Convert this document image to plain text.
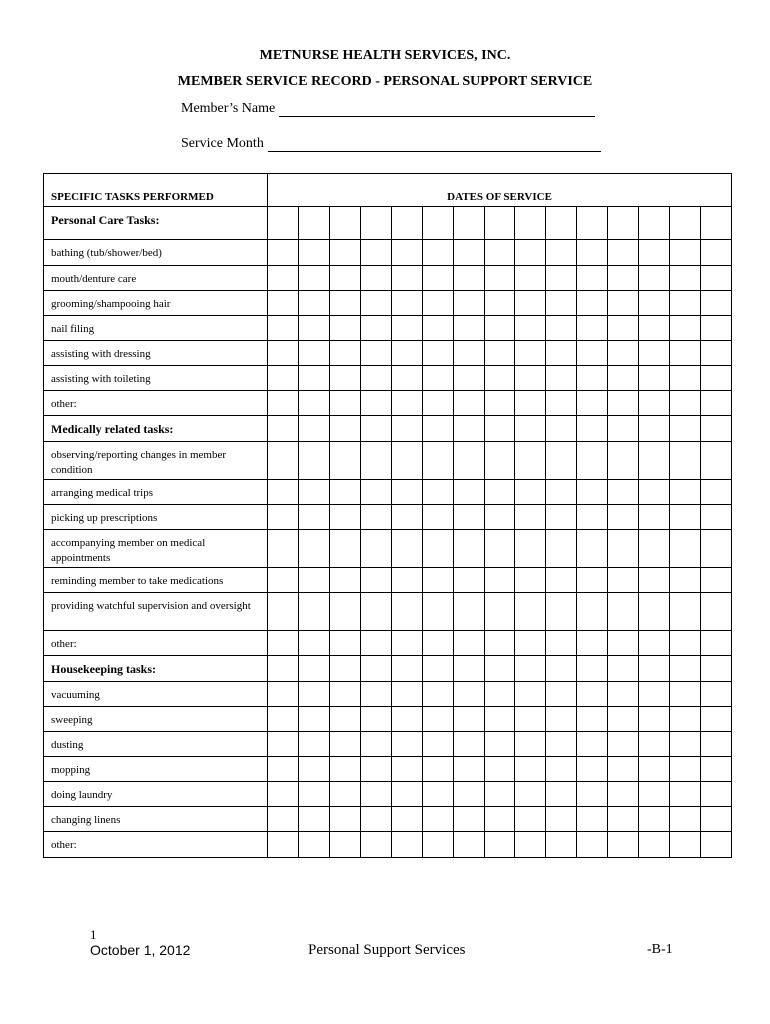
METNURSE HEALTH SERVICES, INC.
MEMBER SERVICE RECORD - PERSONAL SUPPORT SERVICE
Member’s Name
Service Month
SPECIFIC TASKS PERFORMED	DATES OF SERVICE														
Personal Care Tasks:															
bathing (tub/shower/bed)															
mouth/denture care															
grooming/shampooing hair															
nail filing															
assisting with dressing															
assisting with toileting															
other:															
Medically related tasks:															
observing/reporting changes in member condition															
arranging medical trips															
picking up prescriptions															
accompanying member on medical appointments															
reminding member to take medications															
providing watchful supervision and oversight															
other:															
Housekeeping tasks:															
vacuuming															
sweeping															
dusting															
mopping															
doing laundry															
changing linens															
other:															
1
October 1, 2012	Personal Support Services	-B-1
